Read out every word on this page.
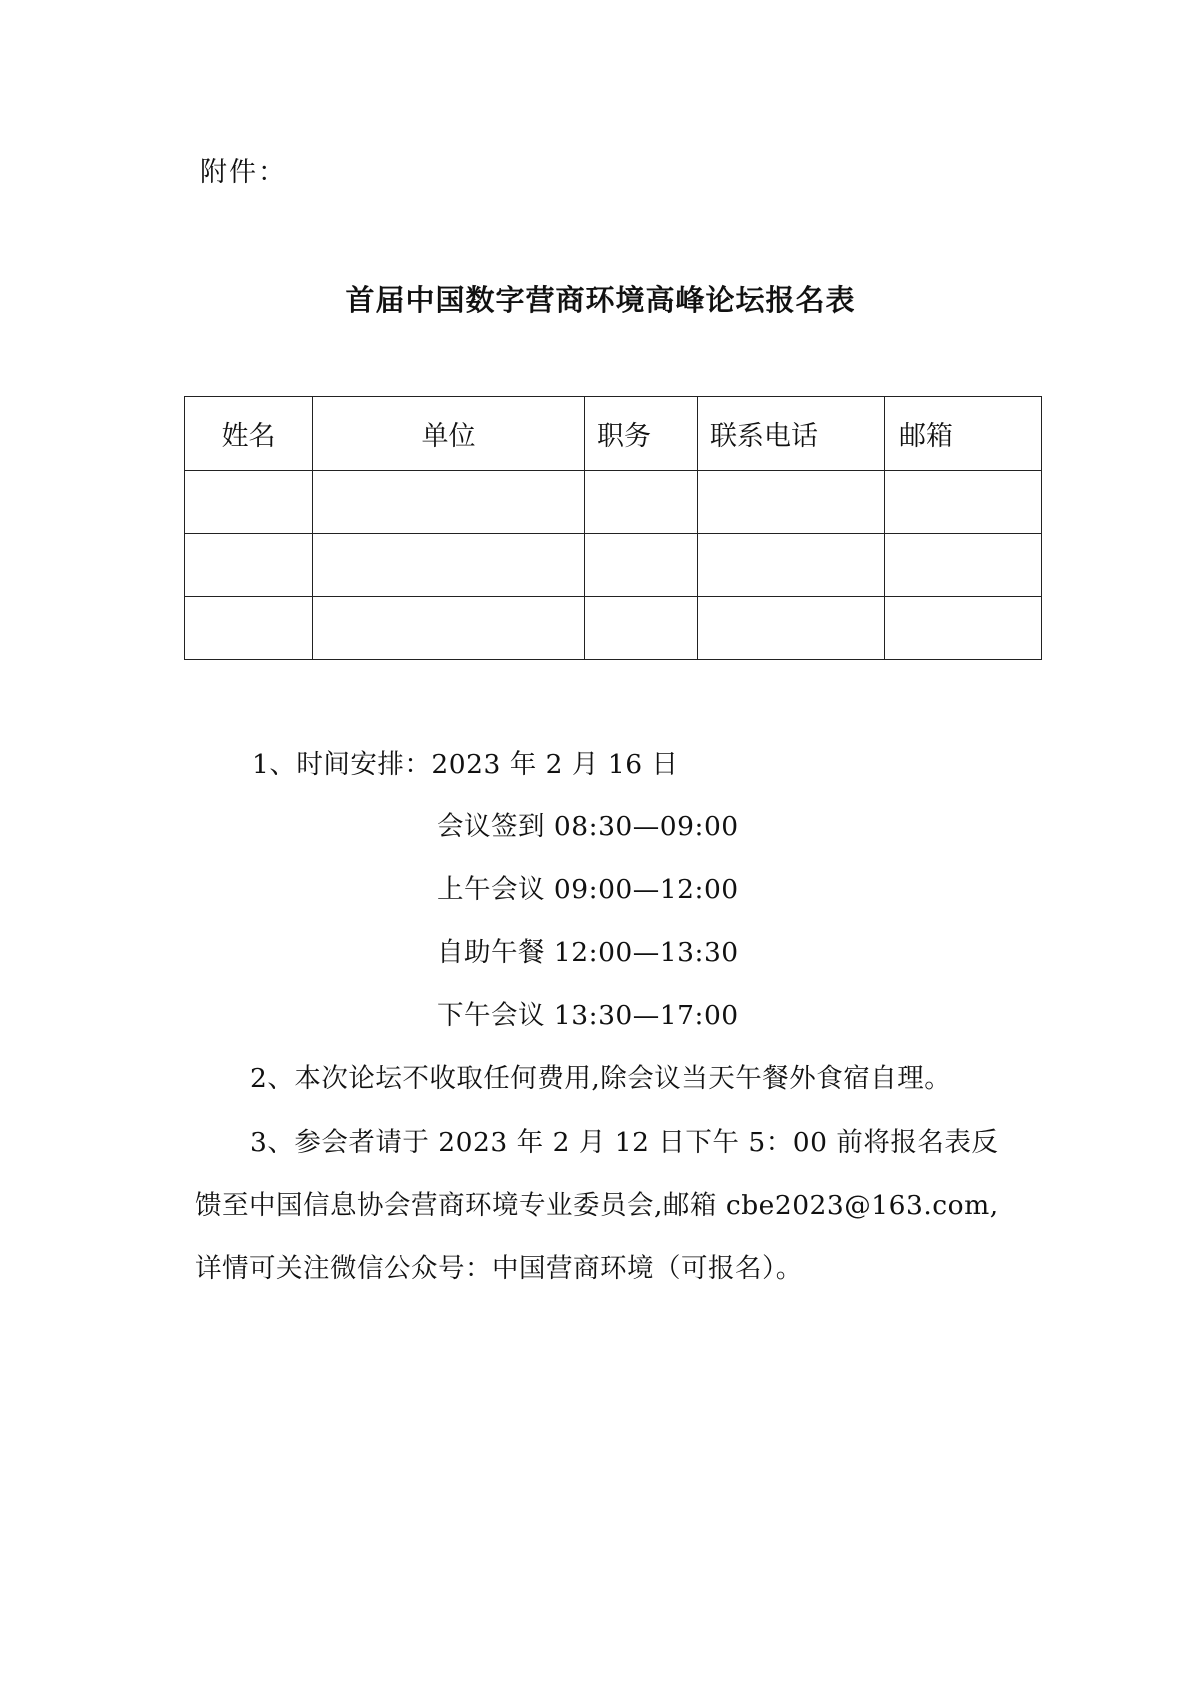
附件：
首届中国数字营商环境高峰论坛报名表
姓名	单位	职务	联系电话	邮箱

1、时间安排：2023 年 2 月 16 日
会议签到 08:30—09:00
上午会议 09:00—12:00
自助午餐 12:00—13:30
下午会议 13:30—17:00
2、本次论坛不收取任何费用,除会议当天午餐外食宿自理。
3、参会者请于 2023 年 2 月 12 日下午 5：00 前将报名表反
馈至中国信息协会营商环境专业委员会,邮箱 cbe2023@163.com,
详情可关注微信公众号：中国营商环境（可报名）。
